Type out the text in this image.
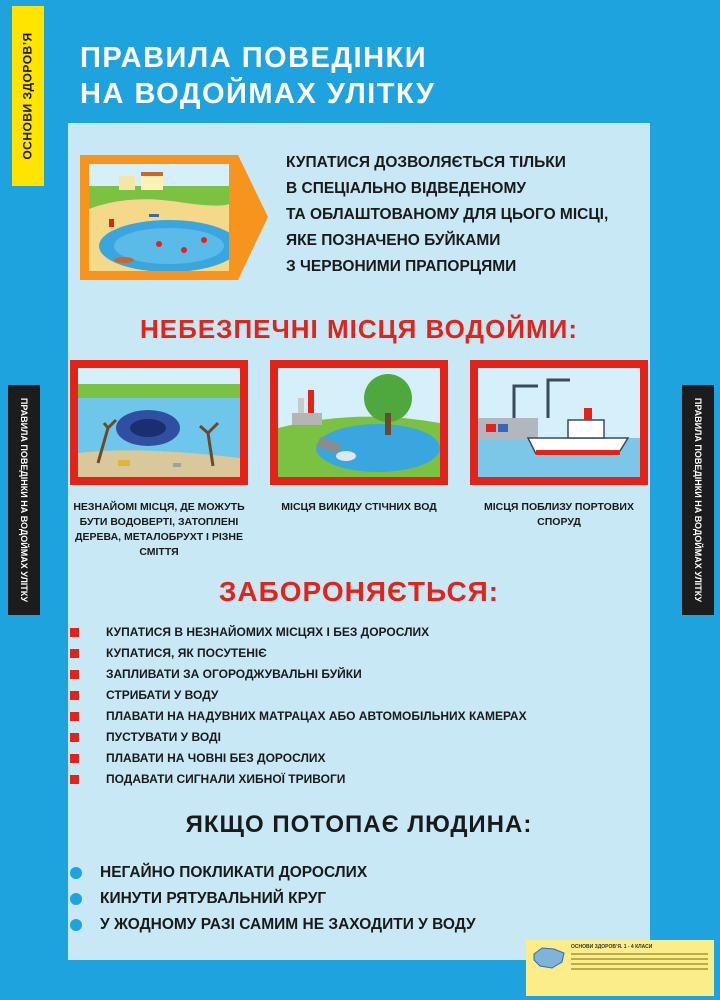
ОСНОВИ ЗДОРОВ’Я
ПРАВИЛА ПОВЕДІНКИ НА ВОДОЙМАХ УЛІТКУ	ПРАВИЛА ПОВЕДІНКИ НА ВОДОЙМАХ УЛІТКУ
ПРАВИЛА ПОВЕДІНКИ
НА ВОДОЙМАХ УЛІТКУ
КУПАТИСЯ ДОЗВОЛЯЄТЬСЯ ТІЛЬКИ
В СПЕЦІАЛЬНО ВІДВЕДЕНОМУ
ТА ОБЛАШТОВАНОМУ ДЛЯ ЦЬОГО МІСЦІ,
ЯКЕ ПОЗНАЧЕНО БУЙКАМИ
З ЧЕРВОНИМИ ПРАПОРЦЯМИ
НЕБЕЗПЕЧНІ МІСЦЯ ВОДОЙМИ:
НЕЗНАЙОМІ МІСЦЯ, ДЕ МОЖУТЬ БУТИ ВОДОВЕРТІ, ЗАТОПЛЕНІ ДЕРЕВА, МЕТАЛОБРУХТ І РІЗНЕ СМІТТЯ
МІСЦЯ ВИКИДУ СТІЧНИХ ВОД	МІСЦЯ ПОБЛИЗУ ПОРТОВИХ СПОРУД
ЗАБОРОНЯЄТЬСЯ:
КУПАТИСЯ В НЕЗНАЙОМИХ МІСЦЯХ І БЕЗ ДОРОСЛИХ
КУПАТИСЯ, ЯК ПОСУТЕНІЄ
ЗАПЛИВАТИ ЗА ОГОРОДЖУВАЛЬНІ БУЙКИ
СТРИБАТИ У ВОДУ
ПЛАВАТИ НА НАДУВНИХ МАТРАЦАХ АБО АВТОМОБІЛЬНИХ КАМЕРАХ
ПУСТУВАТИ У ВОДІ
ПЛАВАТИ НА ЧОВНІ БЕЗ ДОРОСЛИХ
ПОДАВАТИ СИГНАЛИ ХИБНОЇ ТРИВОГИ
ЯКЩО ПОТОПАЄ ЛЮДИНА:
НЕГАЙНО ПОКЛИКАТИ ДОРОСЛИХ
КИНУТИ РЯТУВАЛЬНИЙ КРУГ
У ЖОДНОМУ РАЗІ САМИМ НЕ ЗАХОДИТИ У ВОДУ
ОСНОВИ ЗДОРОВ’Я. 1 - 4 КЛАСИ
